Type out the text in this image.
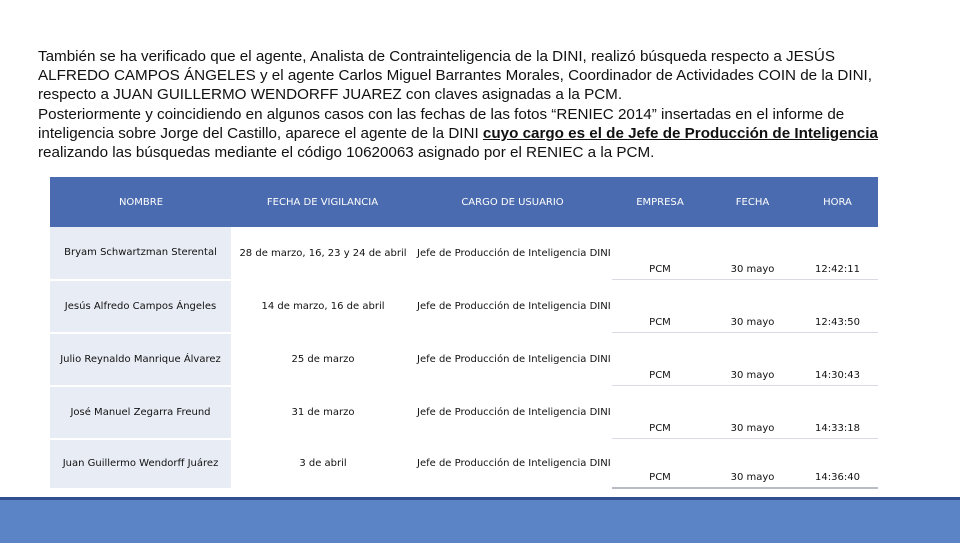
También se ha verificado que el agente, Analista de Contrainteligencia de la DINI, realizó búsqueda respecto a JESÚS ALFREDO CAMPOS ÁNGELES y el agente Carlos Miguel Barrantes Morales, Coordinador de Actividades COIN de la DINI, respecto a JUAN GUILLERMO WENDORFF JUAREZ con claves asignadas a la PCM.

Posteriormente y coincidiendo en algunos casos con las fechas de las fotos “RENIEC 2014” insertadas en el informe de inteligencia sobre Jorge del Castillo, aparece el agente de la DINI cuyo cargo es el de Jefe de Producción de Inteligencia realizando las búsquedas mediante el código 10620063 asignado por el RENIEC a la PCM.

NOMBRE	FECHA DE VIGILANCIA	CARGO DE USUARIO	EMPRESA	FECHA	HORA
Bryam Schwartzman Sterental	28 de marzo, 16, 23 y 24 de abril	Jefe de Producción de Inteligencia DINI	PCM	30 mayo	12:42:11
Jesús Alfredo Campos Ángeles	14 de marzo, 16 de abril	Jefe de Producción de Inteligencia DINI	PCM	30 mayo	12:43:50
Julio Reynaldo Manrique Álvarez	25 de marzo	Jefe de Producción de Inteligencia DINI	PCM	30 mayo	14:30:43
José Manuel Zegarra Freund	31 de marzo	Jefe de Producción de Inteligencia DINI	PCM	30 mayo	14:33:18
Juan Guillermo Wendorff Juárez	3 de abril	Jefe de Producción de Inteligencia DINI	PCM	30 mayo	14:36:40
